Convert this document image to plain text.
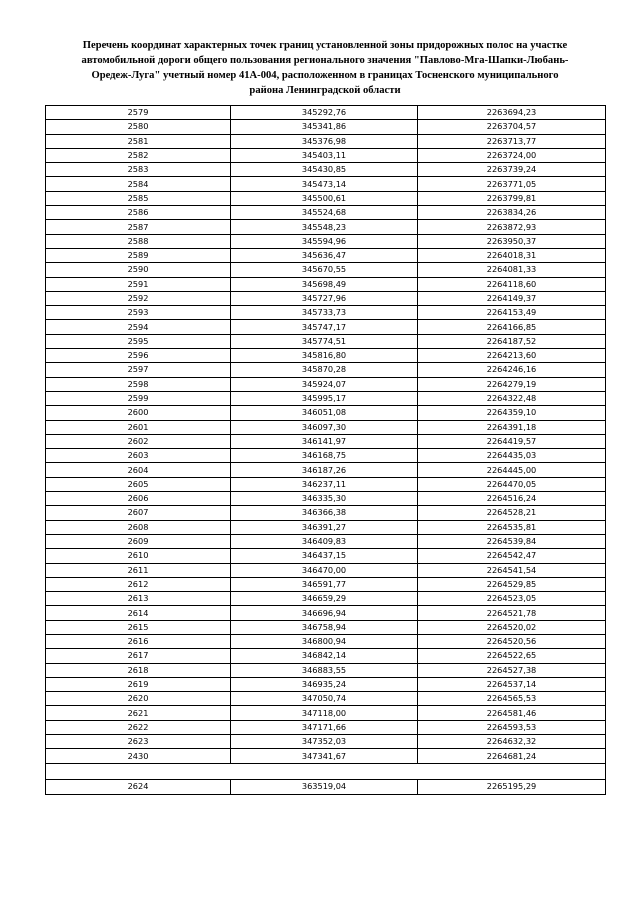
Перечень координат характерных точек границ установленной зоны придорожных полос на участке
автомобильной дороги общего пользования регионального значения "Павлово-Мга-Шапки-Любань-
Оредеж-Луга" учетный номер 41А-004, расположенном в границах Тосненского муниципального
района Ленинградской области
2579	345292,76	2263694,23
2580	345341,86	2263704,57
2581	345376,98	2263713,77
2582	345403,11	2263724,00
2583	345430,85	2263739,24
2584	345473,14	2263771,05
2585	345500,61	2263799,81
2586	345524,68	2263834,26
2587	345548,23	2263872,93
2588	345594,96	2263950,37
2589	345636,47	2264018,31
2590	345670,55	2264081,33
2591	345698,49	2264118,60
2592	345727,96	2264149,37
2593	345733,73	2264153,49
2594	345747,17	2264166,85
2595	345774,51	2264187,52
2596	345816,80	2264213,60
2597	345870,28	2264246,16
2598	345924,07	2264279,19
2599	345995,17	2264322,48
2600	346051,08	2264359,10
2601	346097,30	2264391,18
2602	346141,97	2264419,57
2603	346168,75	2264435,03
2604	346187,26	2264445,00
2605	346237,11	2264470,05
2606	346335,30	2264516,24
2607	346366,38	2264528,21
2608	346391,27	2264535,81
2609	346409,83	2264539,84
2610	346437,15	2264542,47
2611	346470,00	2264541,54
2612	346591,77	2264529,85
2613	346659,29	2264523,05
2614	346696,94	2264521,78
2615	346758,94	2264520,02
2616	346800,94	2264520,56
2617	346842,14	2264522,65
2618	346883,55	2264527,38
2619	346935,24	2264537,14
2620	347050,74	2264565,53
2621	347118,00	2264581,46
2622	347171,66	2264593,53
2623	347352,03	2264632,32
2430	347341,67	2264681,24

2624	363519,04	2265195,29
